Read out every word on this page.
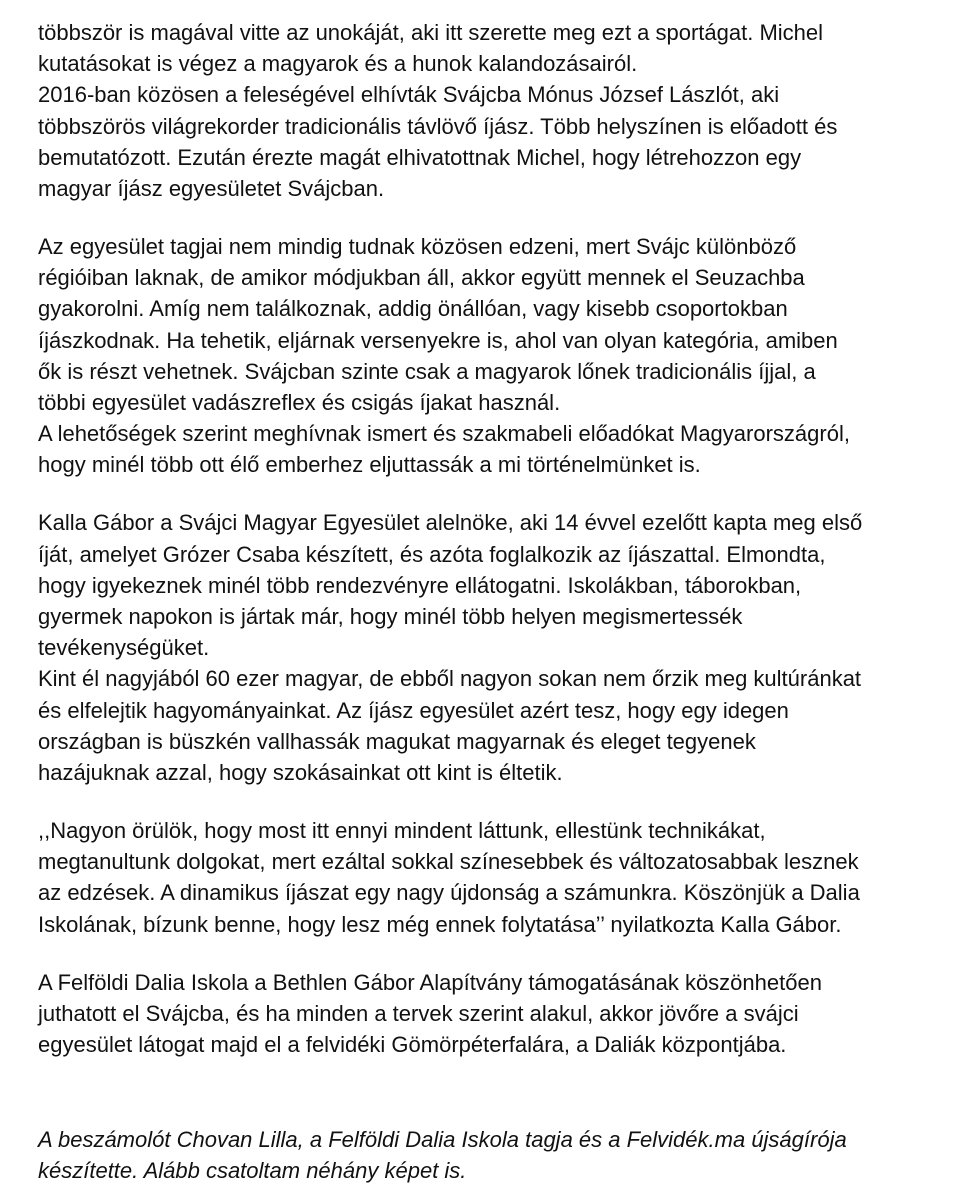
többször is magával vitte az unokáját, aki itt szerette meg ezt a sportágat. Michel
kutatásokat is végez a magyarok és a hunok kalandozásairól.
2016-ban közösen a feleségével elhívták Svájcba Mónus József Lászlót, aki
többszörös világrekorder tradicionális távlövő íjász. Több helyszínen is előadott és
bemutatózott. Ezután érezte magát elhivatottnak Michel, hogy létrehozzon egy
magyar íjász egyesületet Svájcban.

Az egyesület tagjai nem mindig tudnak közösen edzeni, mert Svájc különböző
régióiban laknak, de amikor módjukban áll, akkor együtt mennek el Seuzachba
gyakorolni. Amíg nem találkoznak, addig önállóan, vagy kisebb csoportokban
íjászkodnak. Ha tehetik, eljárnak versenyekre is, ahol van olyan kategória, amiben
ők is részt vehetnek. Svájcban szinte csak a magyarok lőnek tradicionális íjjal, a
többi egyesület vadászreflex és csigás íjakat használ.
A lehetőségek szerint meghívnak ismert és szakmabeli előadókat Magyarországról,
hogy minél több ott élő emberhez eljuttassák a mi történelmünket is.

Kalla Gábor a Svájci Magyar Egyesület alelnöke, aki 14 évvel ezelőtt kapta meg első
íját, amelyet Grózer Csaba készített, és azóta foglalkozik az íjászattal. Elmondta,
hogy igyekeznek minél több rendezvényre ellátogatni. Iskolákban, táborokban,
gyermek napokon is jártak már, hogy minél több helyen megismertessék
tevékenységüket.
Kint él nagyjából 60 ezer magyar, de ebből nagyon sokan nem őrzik meg kultúránkat
és elfelejtik hagyományainkat. Az íjász egyesület azért tesz, hogy egy idegen
országban is büszkén vallhassák magukat magyarnak és eleget tegyenek
hazájuknak azzal, hogy szokásainkat ott kint is éltetik.

,,Nagyon örülök, hogy most itt ennyi mindent láttunk, ellestünk technikákat,
megtanultunk dolgokat, mert ezáltal sokkal színesebbek és változatosabbak lesznek
az edzések. A dinamikus íjászat egy nagy újdonság a számunkra. Köszönjük a Dalia
Iskolának, bízunk benne, hogy lesz még ennek folytatása’’ nyilatkozta Kalla Gábor.

A Felföldi Dalia Iskola a Bethlen Gábor Alapítvány támogatásának köszönhetően
juthatott el Svájcba, és ha minden a tervek szerint alakul, akkor jövőre a svájci
egyesület látogat majd el a felvidéki Gömörpéterfalára, a Daliák központjába.

A beszámolót Chovan Lilla, a Felföldi Dalia Iskola tagja és a Felvidék.ma újságírója
készítette. Alább csatoltam néhány képet is.
